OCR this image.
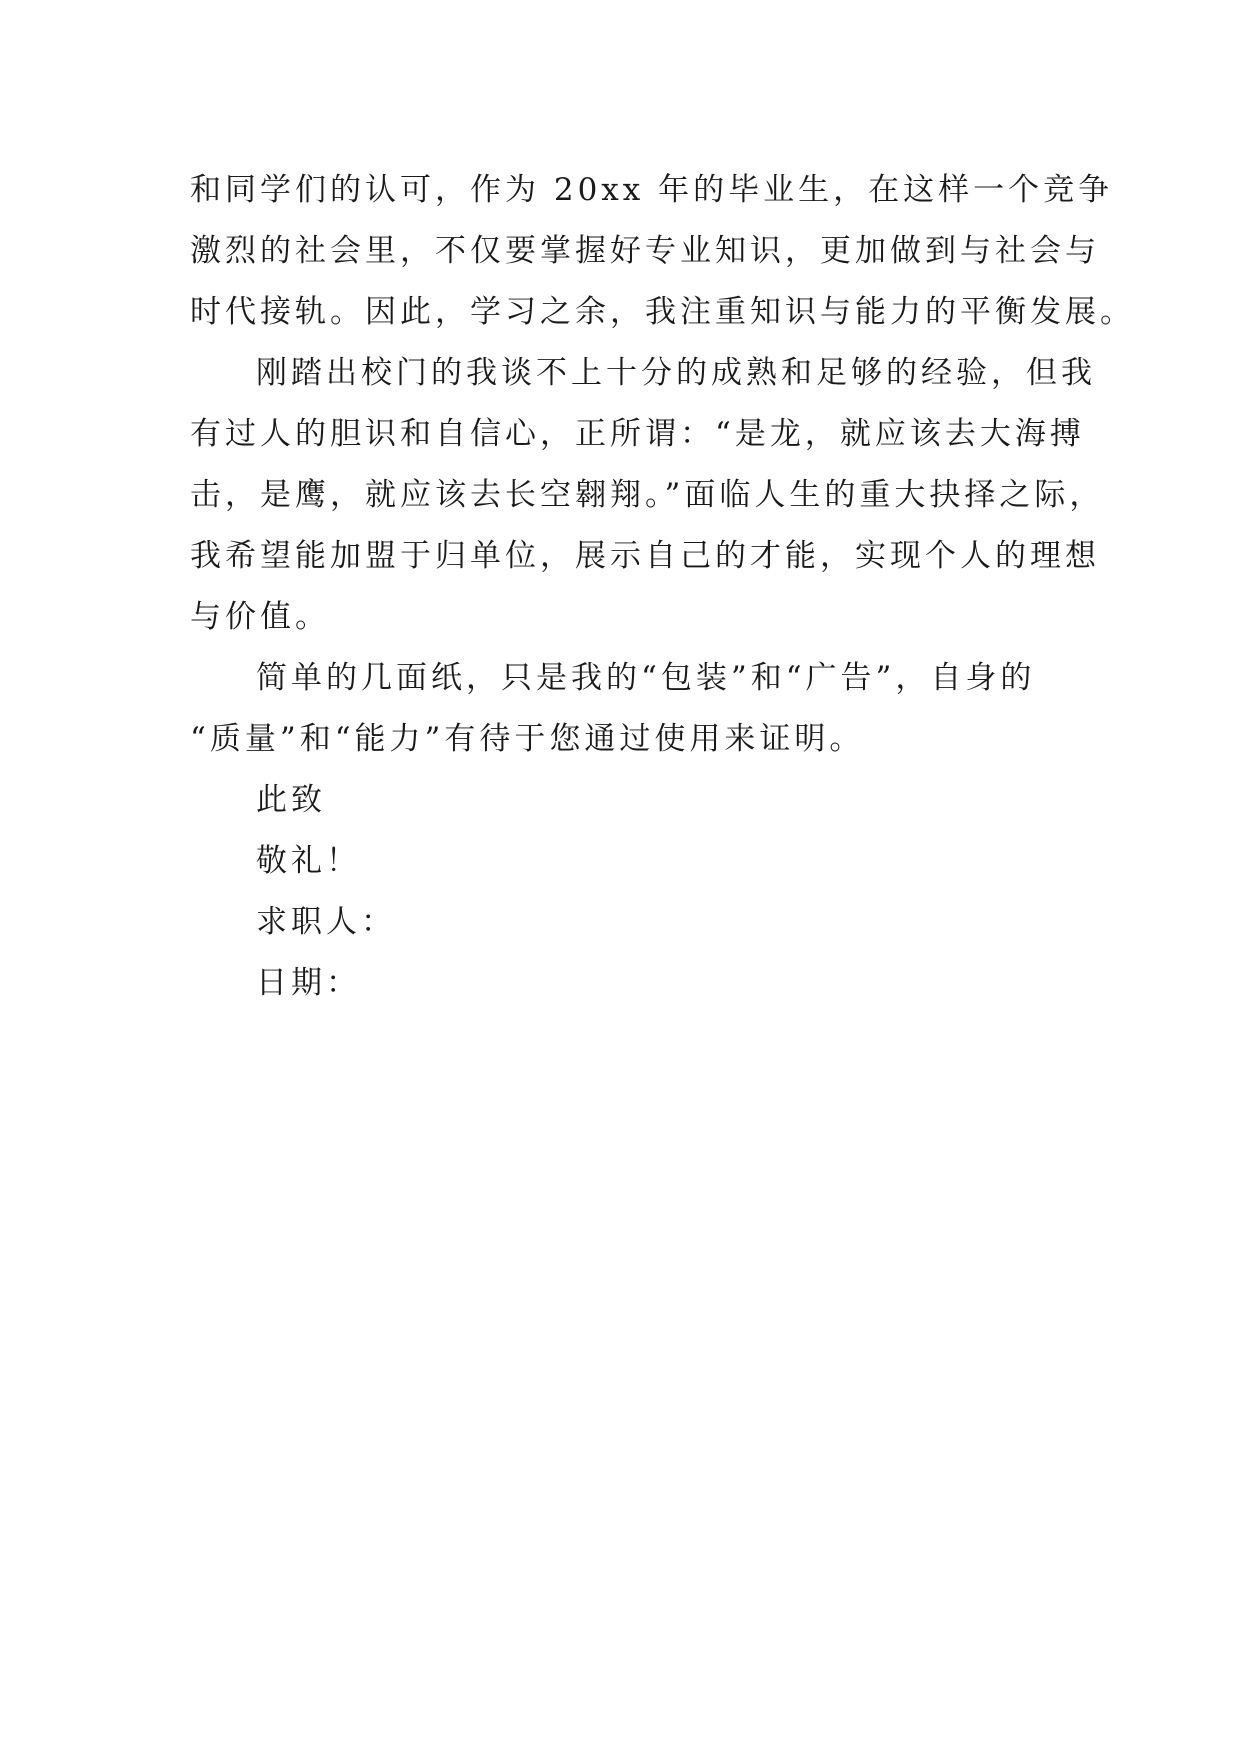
和同学们的认可，作为 20xx 年的毕业生，在这样一个竞争
激烈的社会里，不仅要掌握好专业知识，更加做到与社会与
时代接轨。因此，学习之余，我注重知识与能力的平衡发展。
刚踏出校门的我谈不上十分的成熟和足够的经验，但我
有过人的胆识和自信心，正所谓：“是龙，就应该去大海搏
击，是鹰，就应该去长空翱翔。”面临人生的重大抉择之际，
我希望能加盟于归单位，展示自己的才能，实现个人的理想
与价值。
简单的几面纸，只是我的“包装”和“广告”，自身的
“质量”和“能力”有待于您通过使用来证明。
此致
敬礼！
求职人：
日期：
